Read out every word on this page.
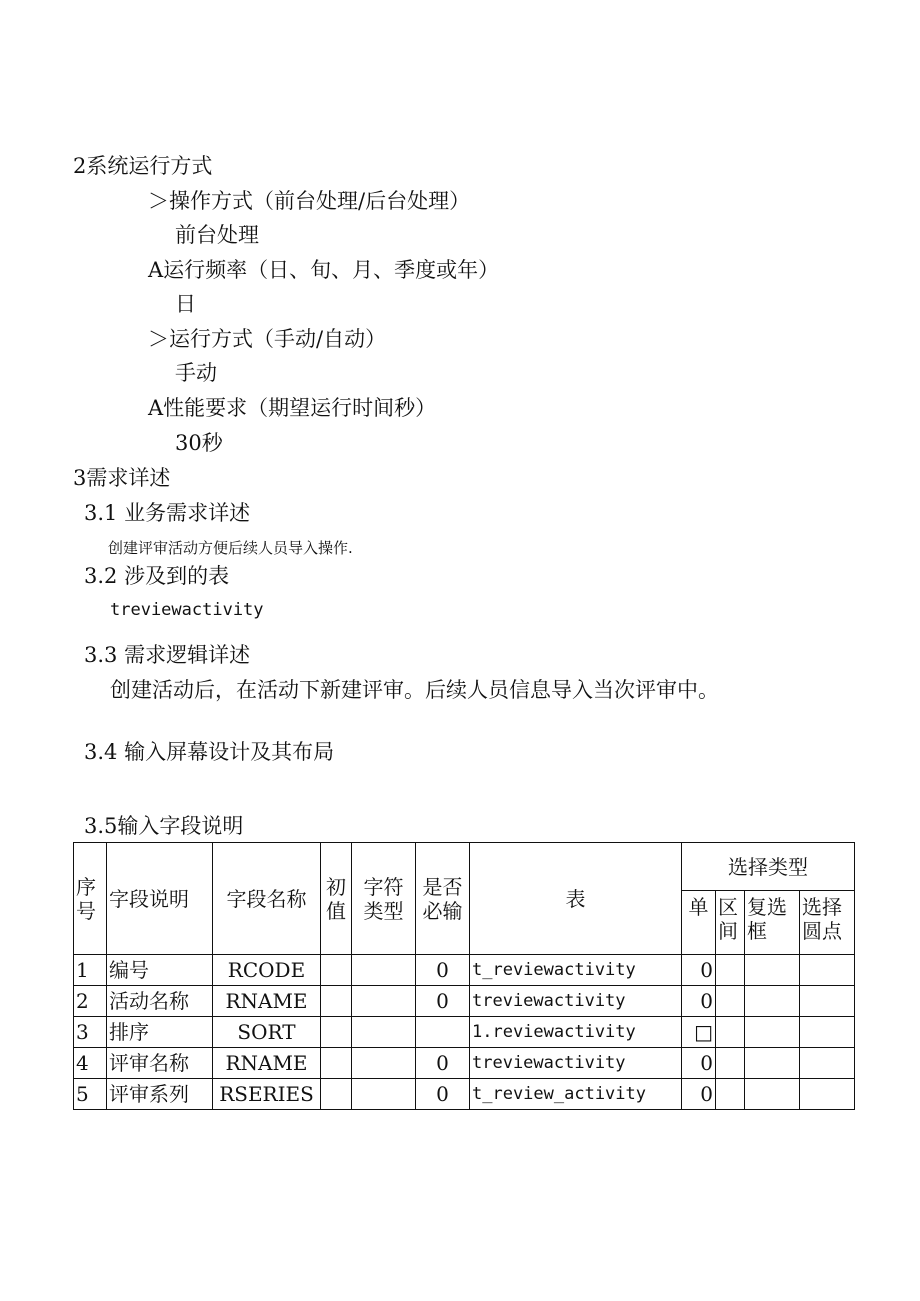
2系统运行方式
＞操作方式（前台处理/后台处理）
前台处理
A运行频率（日、旬、月、季度或年）
日
＞运行方式（手动/自动）
手动
A性能要求（期望运行时间秒）
30秒
3需求详述
3.1 业务需求详述
创建评审活动方便后续人员导入操作.
3.2 涉及到的表
treviewactivity
3.3 需求逻辑详述
创建活动后，在活动下新建评审。后续人员信息导入当次评审中。
3.4 输入屏幕设计及其布局
3.5输入字段说明
序号	字段说明	字段名称	初值	字符类型	是否必输	表	选择类型			
							单	区间	复选框	选择圆点
1	编号	RCODE			0	t_reviewactivity	0			
2	活动名称	RNAME			0	treviewactivity	0			
3	排序	SORT				1.reviewactivity	□			
4	评审名称	RNAME			0	treviewactivity	0			
5	评审系列	RSERIES			0	t_review_activity	0			
